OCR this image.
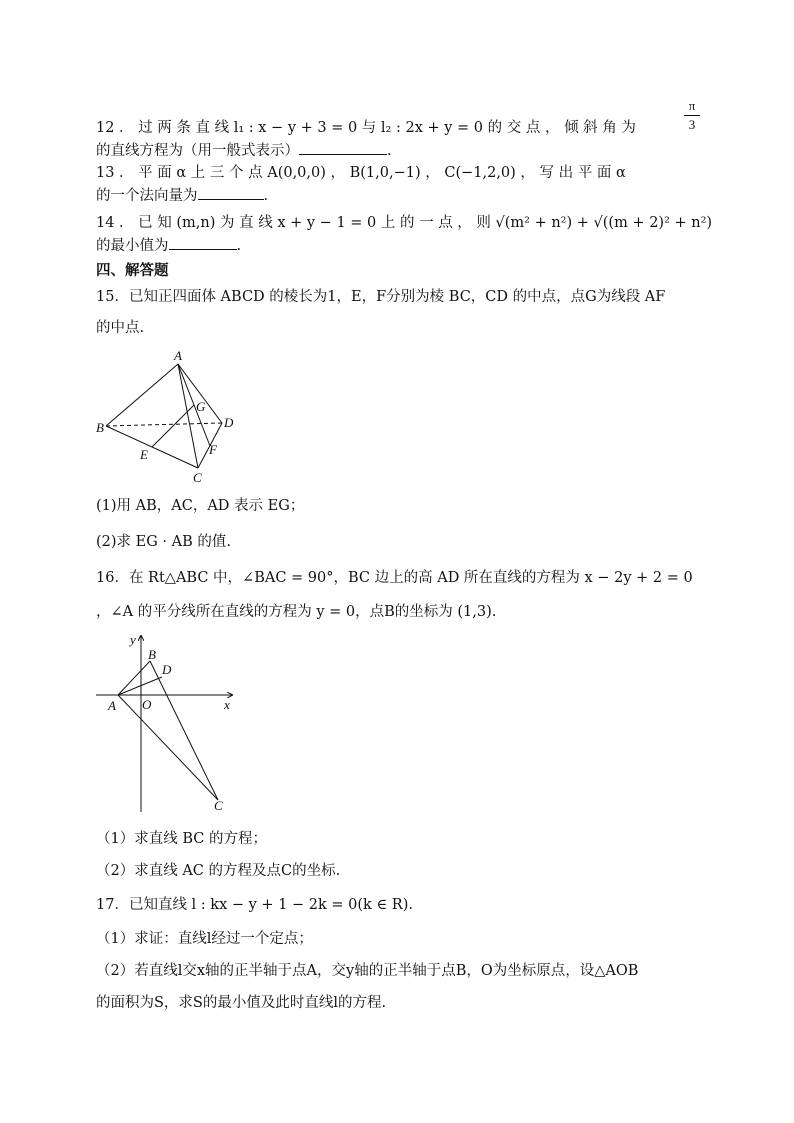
12 ． 过 两 条 直 线 l₁ : x − y + 3 = 0 与 l₂ : 2x + y = 0 的 交 点 ， 倾 斜 角 为
π
3
的直线方程为（用一般式表示）	.
13 ． 平 面 α 上 三 个 点 A(0,0,0) ， B(1,0,−1) ， C(−1,2,0) ， 写 出 平 面 α
的一个法向量为	.
14 ． 已 知 (m,n) 为 直 线 x + y − 1 = 0 上 的 一 点 ， 则 √(m² + n²) + √((m + 2)² + n²)
的最小值为	.
四、解答题
15．已知正四面体 ABCD 的棱长为1，E，F分别为棱 BC，CD 的中点，点G为线段 AF
的中点.
A
B
C
D
E	F
G
(1)用 AB，AC，AD 表示 EG；
(2)求 EG · AB 的值.
16．在 Rt△ABC 中，∠BAC = 90°，BC 边上的高 AD 所在直线的方程为 x − 2y + 2 = 0
，∠A 的平分线所在直线的方程为 y = 0，点B的坐标为 (1,3).
y
B
D
A O	x
C
（1）求直线 BC 的方程；
（2）求直线 AC 的方程及点C的坐标.
17．已知直线 l : kx − y + 1 − 2k = 0(k ∈ R).
（1）求证：直线l经过一个定点；
（2）若直线l交x轴的正半轴于点A，交y轴的正半轴于点B，O为坐标原点，设△AOB
的面积为S，求S的最小值及此时直线l的方程.
